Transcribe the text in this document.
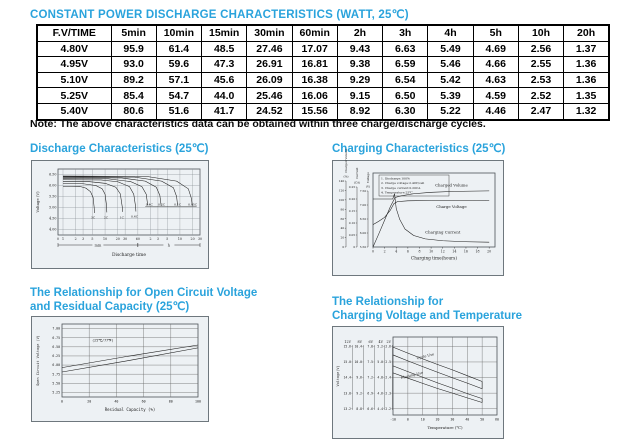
CONSTANT POWER DISCHARGE CHARACTERISTICS (WATT, 25℃)
F.V/TIME	5min	10min	15min	30min	60min	2h	3h	4h	5h	10h	20h
4.80V	95.9	61.4	48.5	27.46	17.07	9.43	6.63	5.49	4.69	2.56	1.37
4.95V	93.0	59.6	47.3	26.91	16.81	9.38	6.59	5.46	4.66	2.55	1.36
5.10V	89.2	57.1	45.6	26.09	16.38	9.29	6.54	5.42	4.63	2.53	1.36
5.25V	85.4	54.7	44.0	25.46	16.06	9.15	6.50	5.39	4.59	2.52	1.35
5.40V	80.6	51.6	41.7	24.52	15.56	8.92	6.30	5.22	4.46	2.47	1.32
Note: The above characteristics data can be obtained within three charge/discharge cycles.
Discharge Characteristics (25℃)
0 1	2 3 5	10	20 30	60	2 3 5	10	20 30
6.50
6.00
5.50
5.00
4.50
4.00
Voltage (V)
3C	2C	1C 0.6C
0.4C 0.2C	0.1C 0.05C
min	h
Discharge time
Charging Characteristics (25℃)
140
120
100
80
60
40
20
0
Charged Volume
(%)
0.25
0.20
0.15
0.10
0.05
0
Current
(CA)
7.50
7.00
6.50
6.00
5.50
Voltage
(V)
1. Discharge:100%
2. Charge voltage:2.40V/cell
3. Charge current:0.20CA
4. Temperature:25℃
Charged Volume
Charge Voltage
Charging Current
0	2	4	6	8	10 12 14 16 18 20
Charging time(hours)
The Relationship for Open Circuit Voltage
and Residual Capacity (25℃)
0	20	40	60	80	100
7.00
6.75
6.50
6.25
6.00
5.75
5.50
5.25
Open Circuit Voltage (V)	(25℃/77℉)
Residual Capacity (%)
The Relationship for
Charging Voltage and Temperature
-10	0	10	20	30	40	50	60
12V
15.6
15.0
14.4
13.8
13.2
8V
10.4
10.0
9.6
9.2
8.8
6V
7.8
7.5
7.2
6.9
6.6
4V
5.2
5.0
4.8
4.6
4.4
2V
2.6
2.5
2.4
2.3
2.2
Voltage(V)
Cycle Use
Floating Use
Temperature (℃)
